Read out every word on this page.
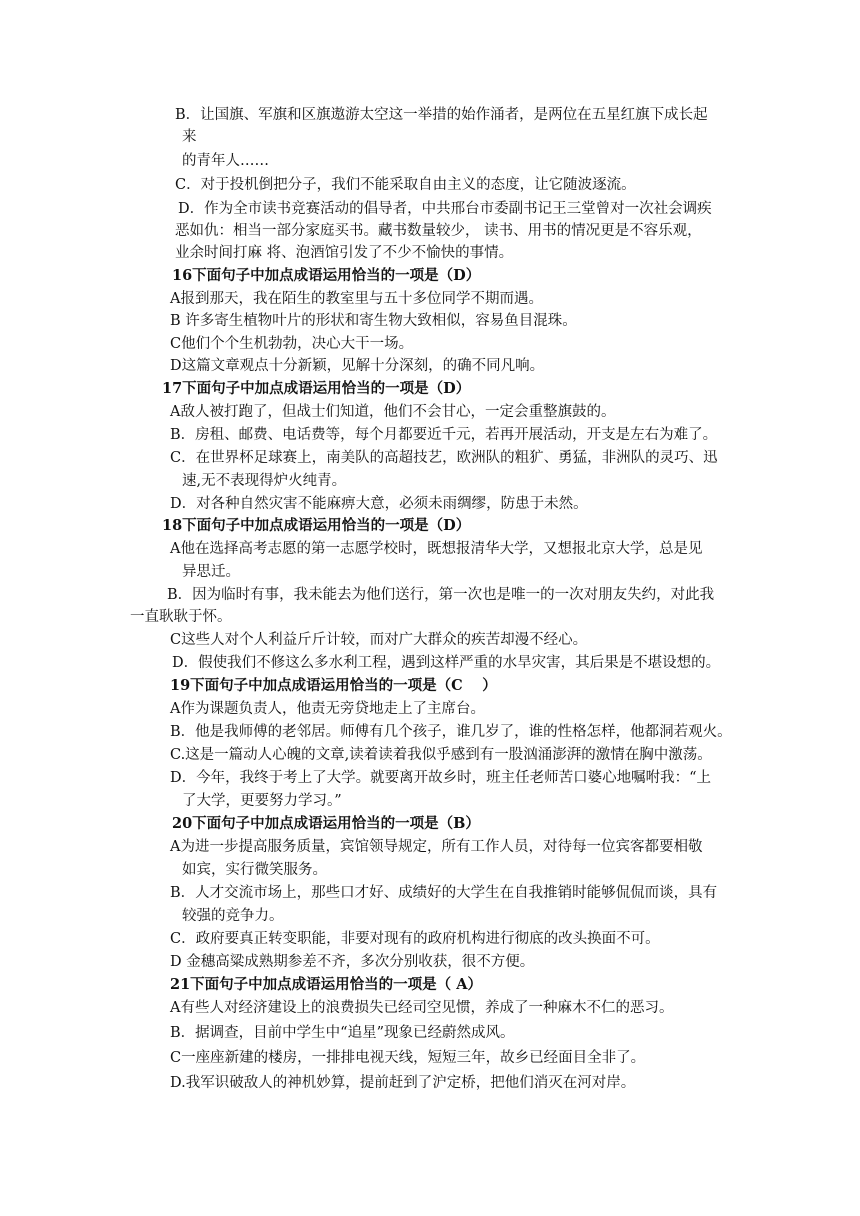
B．让国旗、军旗和区旗遨游太空这一举措的始作涌者，是两位在五星红旗下成长起
来
的青年人……
C．对于投机倒把分子，我们不能采取自由主义的态度，让它随波逐流。
D．作为全市读书竞赛活动的倡导者，中共邢台市委副书记王三堂曾对一次社会调疾
恶如仇：相当一部分家庭买书。藏书数量较少， 读书、用书的情况更是不容乐观，
业余时间打麻 将、泡酒馆引发了不少不愉快的事情。
16下面句子中加点成语运用恰当的一项是（D）
A报到那天，我在陌生的教室里与五十多位同学不期而遇。
B 许多寄生植物叶片的形状和寄生物大致相似，容易鱼目混珠。
C他们个个生机勃勃，决心大干一场。
D这篇文章观点十分新颖，见解十分深刻，的确不同凡响。
17下面句子中加点成语运用恰当的一项是（D）
A敌人被打跑了，但战士们知道，他们不会甘心，一定会重整旗鼓的。
B．房租、邮费、电话费等，每个月都要近千元，若再开展活动，开支是左右为难了。
C．在世界杯足球赛上，南美队的高超技艺，欧洲队的粗犷、勇猛，非洲队的灵巧、迅
速,无不表现得炉火纯青。
D．对各种自然灾害不能麻痹大意，必须未雨绸缪，防患于未然。
18下面句子中加点成语运用恰当的一项是（D）
A他在选择高考志愿的第一志愿学校时，既想报清华大学，又想报北京大学，总是见
异思迁。
B．因为临时有事，我未能去为他们送行，第一次也是唯一的一次对朋友失约，对此我
一直耿耿于怀。
C这些人对个人利益斤斤计较，而对广大群众的疾苦却漫不经心。
D．假使我们不修这么多水利工程，遇到这样严重的水旱灾害，其后果是不堪设想的。
19下面句子中加点成语运用恰当的一项是（C　 ）
A作为课题负责人，他责无旁贷地走上了主席台。
B．他是我师傅的老邻居。师傅有几个孩子，谁几岁了，谁的性格怎样，他都洞若观火。
C.这是一篇动人心魄的文章,读着读着我似乎感到有一股汹涌澎湃的激情在胸中激荡。
D．今年，我终于考上了大学。就要离开故乡时，班主任老师苦口婆心地嘱咐我：“上
了大学，更要努力学习。”
20下面句子中加点成语运用恰当的一项是（B）
A为进一步提高服务质量，宾馆领导规定，所有工作人员，对待每一位宾客都要相敬
如宾，实行微笑服务。
B．人才交流市场上，那些口才好、成绩好的大学生在自我推销时能够侃侃而谈，具有
较强的竞争力。
C．政府要真正转变职能，非要对现有的政府机构进行彻底的改头换面不可。
D 金穗高粱成熟期参差不齐，多次分别收获，很不方便。
21下面句子中加点成语运用恰当的一项是（ A）
A有些人对经济建设上的浪费损失已经司空见惯，养成了一种麻木不仁的恶习。
B．据调查，目前中学生中“追星”现象已经蔚然成风。
C一座座新建的楼房，一排排电视天线，短短三年，故乡已经面目全非了。
D.我军识破敌人的神机妙算，提前赶到了沪定桥，把他们消灭在河对岸。
